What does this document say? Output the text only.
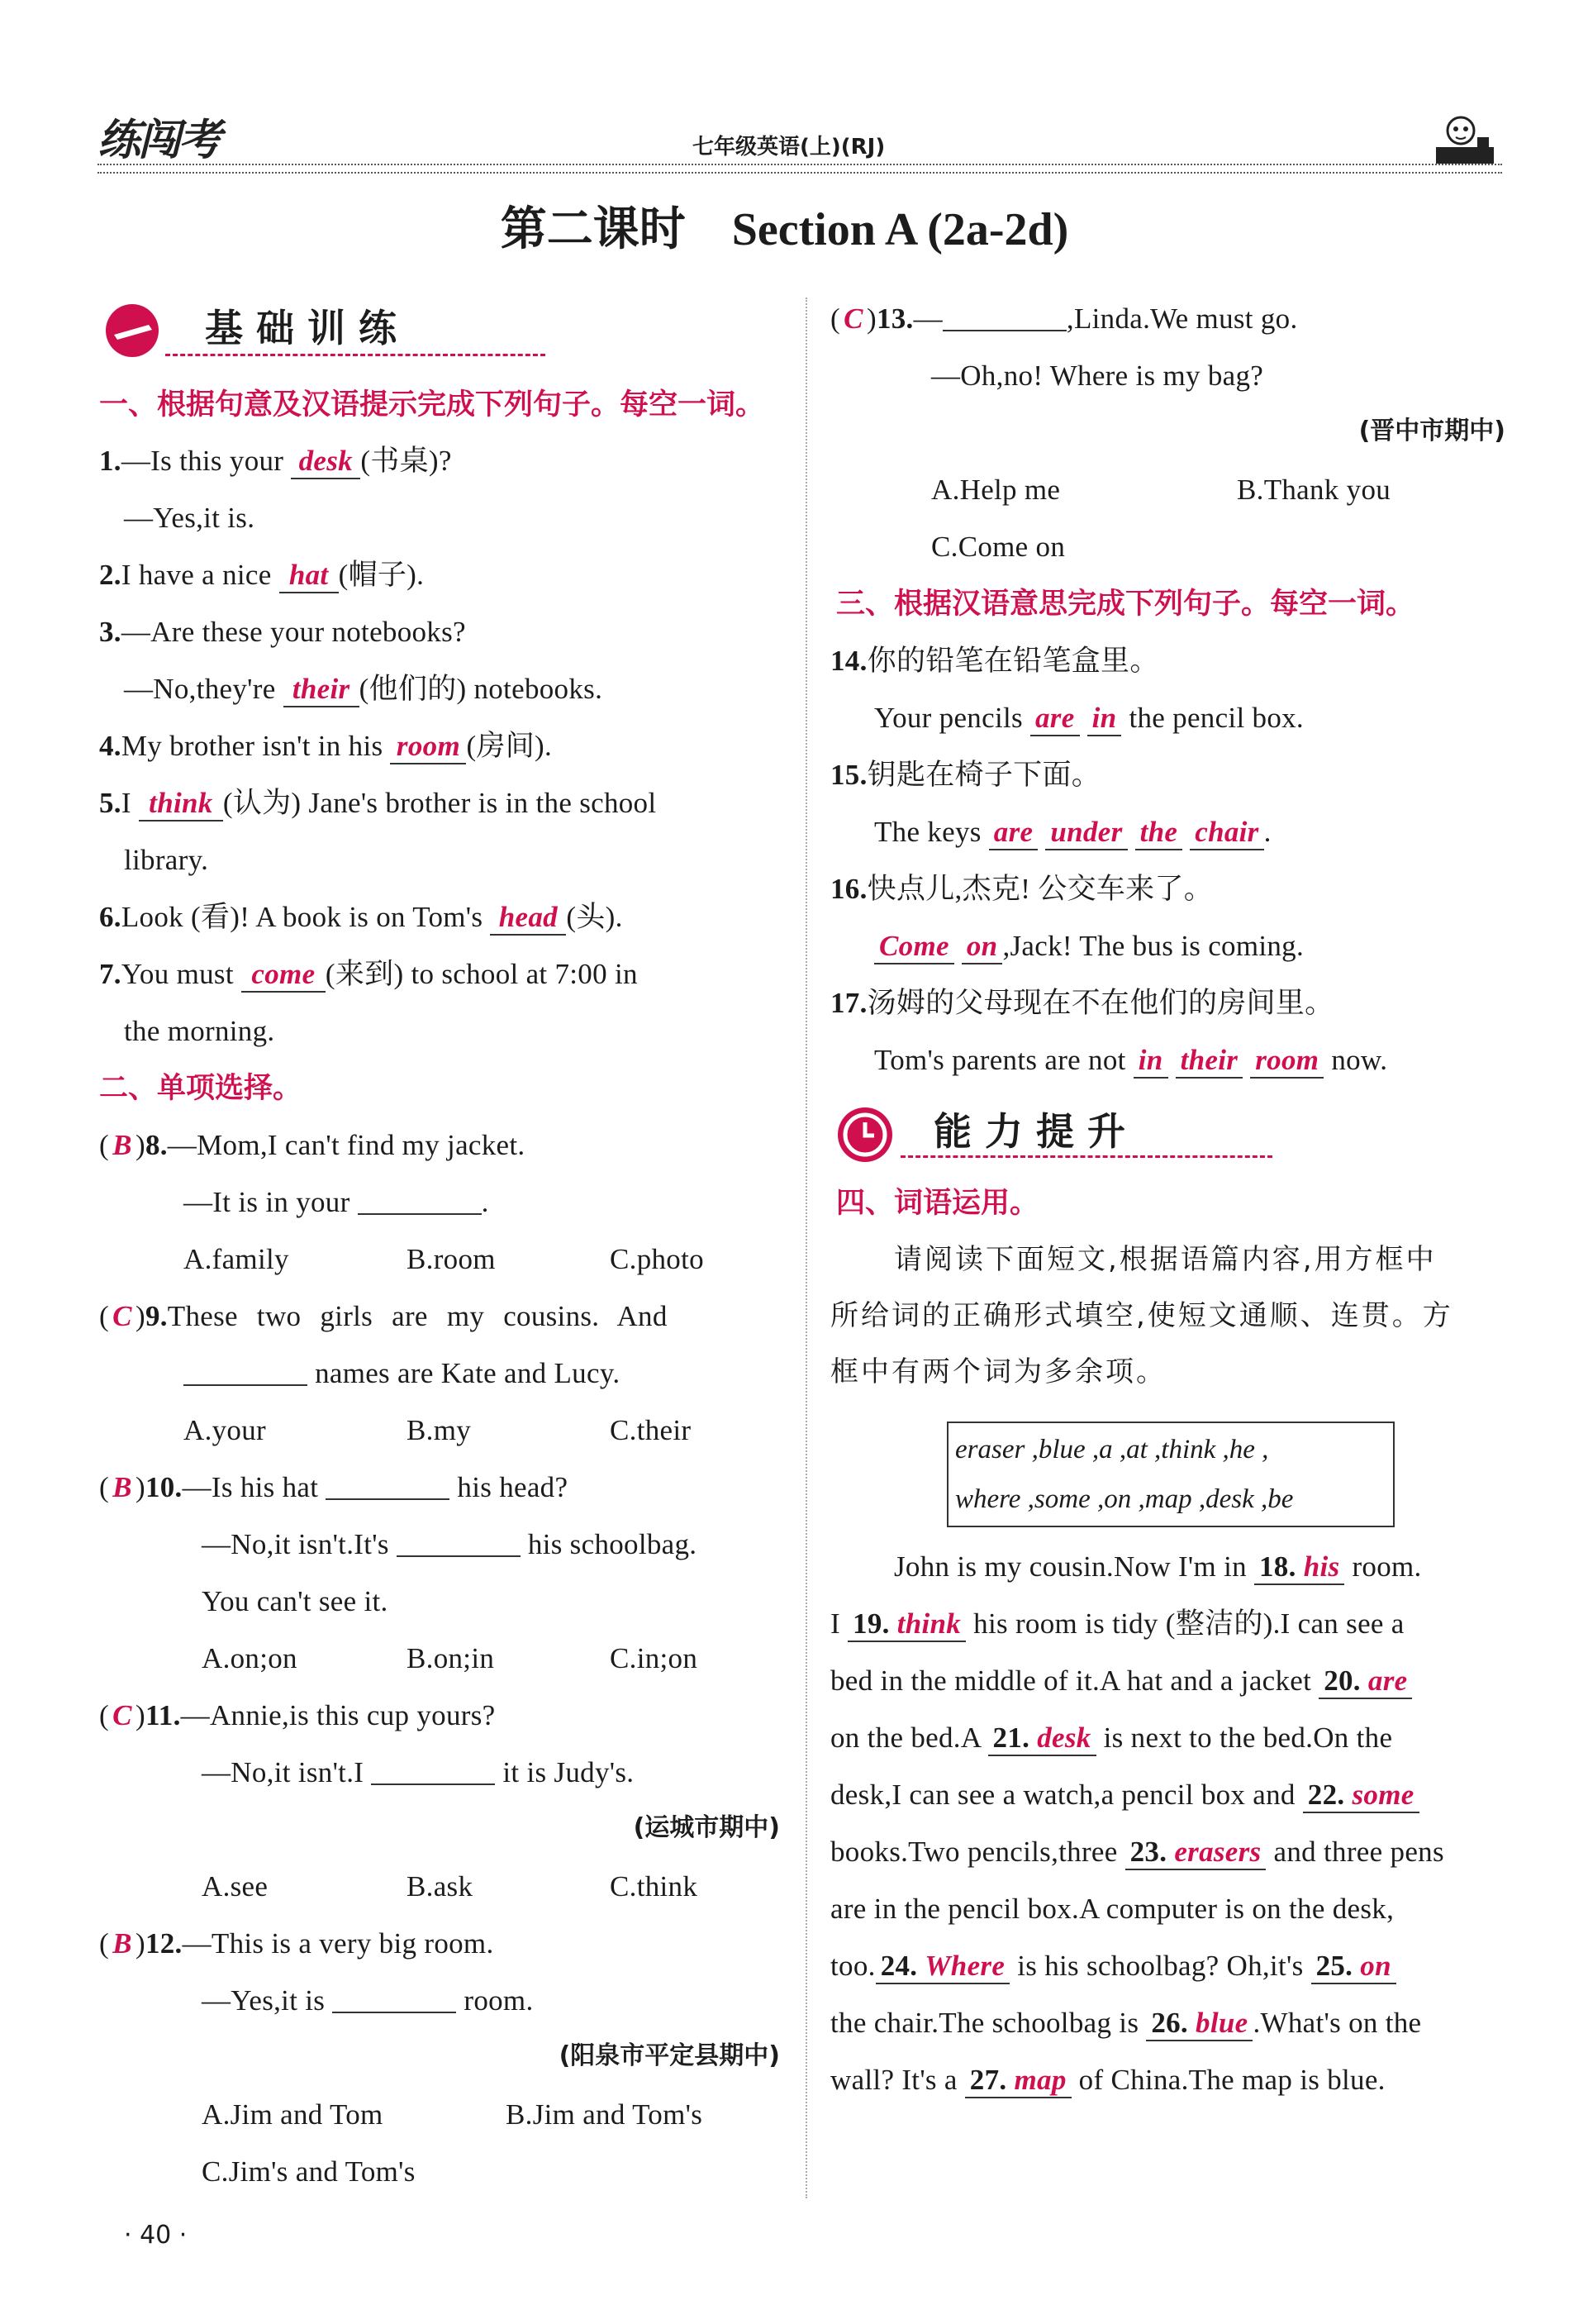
练闯考	七年级英语(上)(RJ)
第二课时　Section A (2a-2d)
基础训练
一、根据句意及汉语提示完成下列句子。每空一词。
1.—Is this your desk (书桌)?
—Yes,it is.
2.I have a nice hat (帽子).
3.—Are these your notebooks?
—No,they're their (他们的) notebooks.
4.My brother isn't in his room (房间).
5.I think (认为) Jane's brother is in the school
library.
6.Look (看)! A book is on Tom's head (头).
7.You must come (来到) to school at 7:00 in
the morning.
二、单项选择。
( B )8.—Mom,I can't find my jacket.
—It is in your	.
A.family	B.room	C.photo
( C )9.These two girls are my cousins. And
names are Kate and Lucy.
A.your	B.my	C.their
( B )10.—Is his hat	his head?
—No,it isn't.It's	his schoolbag.
You can't see it.
A.on;on	B.on;in	C.in;on
( C )11.—Annie,is this cup yours?
—No,it isn't.I	it is Judy's.
(运城市期中)
A.see	B.ask	C.think
( B )12.—This is a very big room.
—Yes,it is	room.
(阳泉市平定县期中)
A.Jim and Tom	B.Jim and Tom's
C.Jim's and Tom's
( C )13.—	,Linda.We must go.
—Oh,no! Where is my bag?
(晋中市期中)
A.Help me	B.Thank you
C.Come on
三、根据汉语意思完成下列句子。每空一词。
14.你的铅笔在铅笔盒里。
Your pencils are in the pencil box.
15.钥匙在椅子下面。
The keys are under the chair .
16.快点儿,杰克! 公交车来了。
Come on ,Jack! The bus is coming.
17.汤姆的父母现在不在他们的房间里。
Tom's parents are not in their room now.
能力提升
四、词语运用。
请阅读下面短文,根据语篇内容,用方框中
所给词的正确形式填空,使短文通顺、连贯。方
框中有两个词为多余项。
eraser ,blue ,a ,at ,think ,he ,
where ,some ,on ,map ,desk ,be
John is my cousin.Now I'm in 18. his room.
I 19. think his room is tidy (整洁的).I can see a
bed in the middle of it.A hat and a jacket 20. are
on the bed.A 21. desk is next to the bed.On the
desk,I can see a watch,a pencil box and 22. some
books.Two pencils,three 23. erasers and three pens
are in the pencil box.A computer is on the desk,
too. 24. Where is his schoolbag? Oh,it's 25. on
the chair.The schoolbag is 26. blue .What's on the
wall? It's a 27. map of China.The map is blue.
· 40 ·
